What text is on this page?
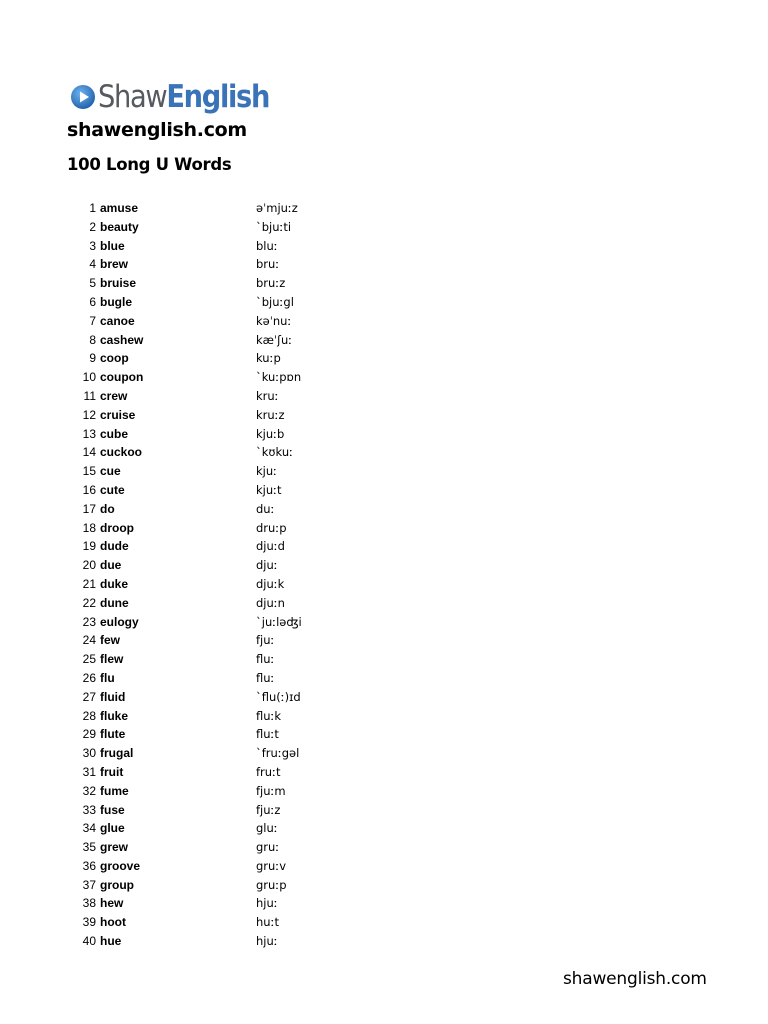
ShawEnglish
shawenglish.com
100 Long U Words
1 amuse	əˈmjuːz
2 beauty	ˋbjuːti
3 blue	bluː
4 brew	bruː
5 bruise	bruːz
6 bugle	ˋbjuːgl
7 canoe	kəˈnuː
8 cashew	kæˈʃuː
9 coop	kuːp
10 coupon	ˋkuːpɒn
11 crew	kruː
12 cruise	kruːz
13 cube	kjuːb
14 cuckoo	ˋkʊkuː
15 cue	kjuː
16 cute	kjuːt
17 do	duː
18 droop	druːp
19 dude	djuːd
20 due	djuː
21 duke	djuːk
22 dune	djuːn
23 eulogy	ˋjuːləʤi
24 few	fjuː
25 flew	fluː
26 flu	fluː
27 fluid	ˋflu(ː)ɪd
28 fluke	fluːk
29 flute	fluːt
30 frugal	ˋfruːgəl
31 fruit	fruːt
32 fume	fjuːm
33 fuse	fjuːz
34 glue	gluː
35 grew	gruː
36 groove	gruːv
37 group	gruːp
38 hew	hjuː
39 hoot	huːt
40 hue	hjuː
shawenglish.com
